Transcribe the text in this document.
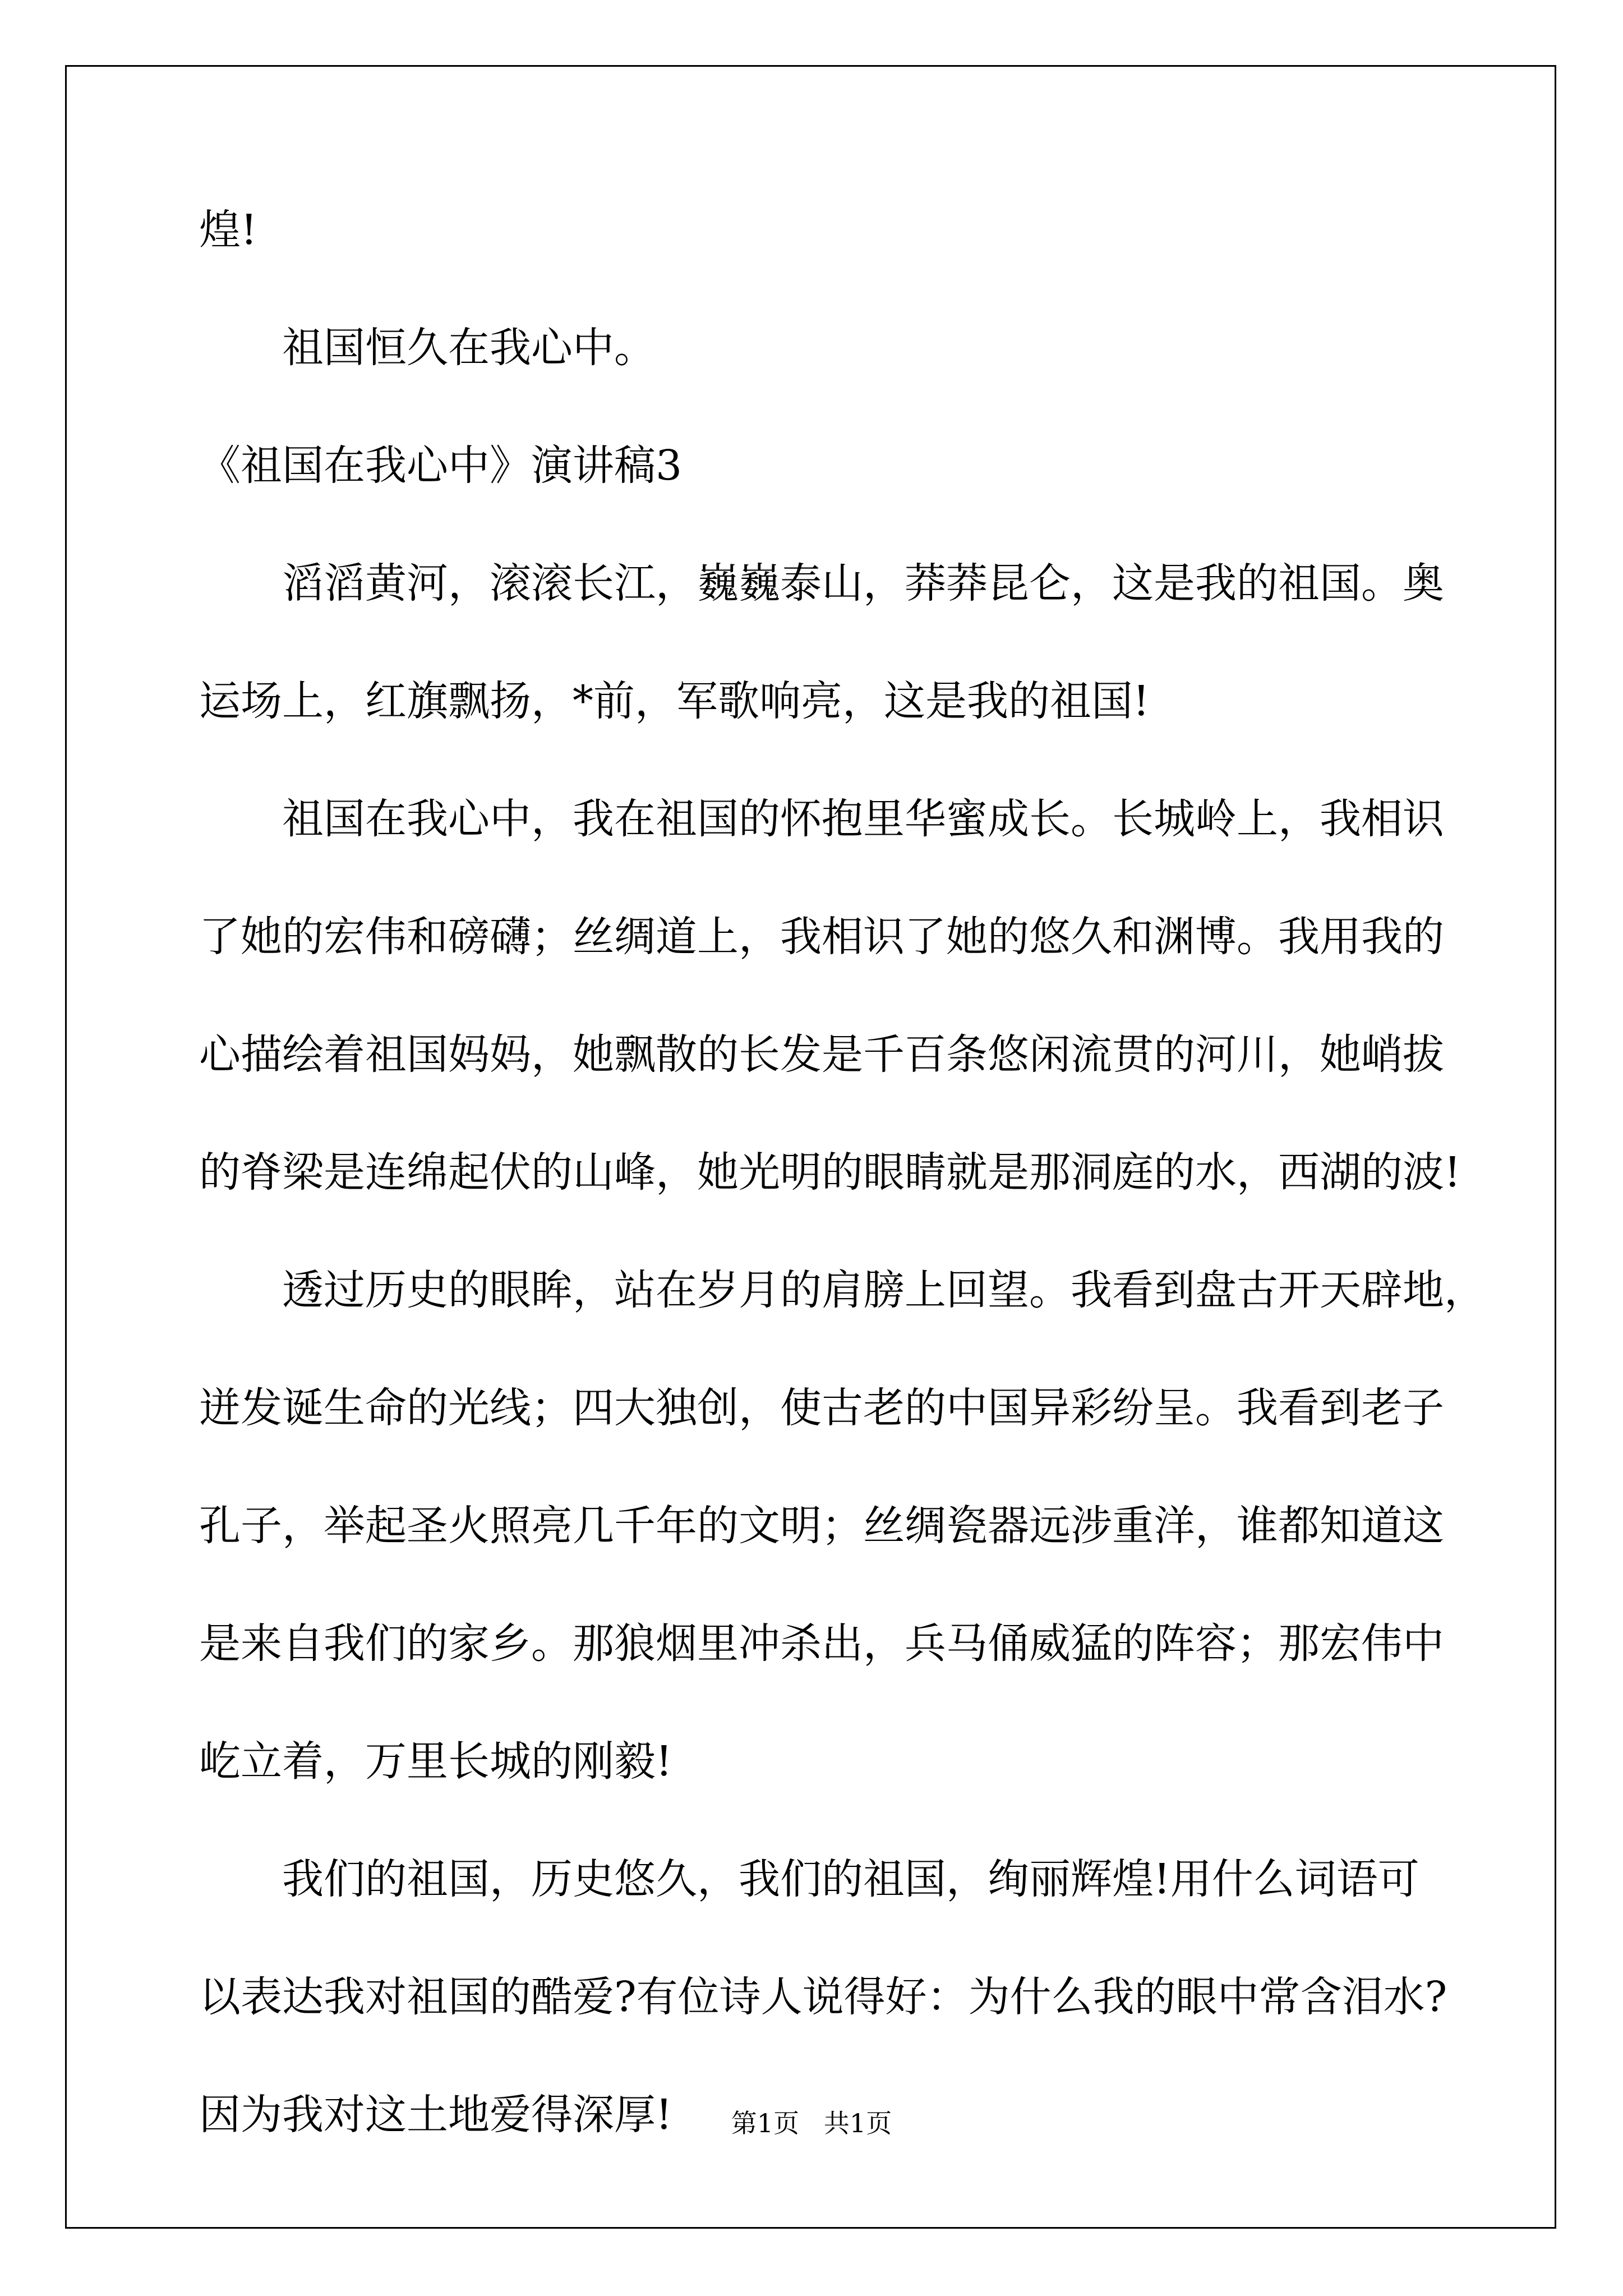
煌!
祖国恒久在我心中。
《祖国在我心中》演讲稿3
滔滔黄河，滚滚长江，巍巍泰山，莽莽昆仑，这是我的祖国。奥
运场上，红旗飘扬，*前，军歌响亮，这是我的祖国!
祖国在我心中，我在祖国的怀抱里华蜜成长。长城岭上，我相识
了她的宏伟和磅礴；丝绸道上，我相识了她的悠久和渊博。我用我的
心描绘着祖国妈妈，她飘散的长发是千百条悠闲流贯的河川，她峭拔
的脊梁是连绵起伏的山峰，她光明的眼睛就是那洞庭的水，西湖的波!
透过历史的眼眸，站在岁月的肩膀上回望。我看到盘古开天辟地，
迸发诞生命的光线；四大独创，使古老的中国异彩纷呈。我看到老子
孔子，举起圣火照亮几千年的文明；丝绸瓷器远涉重洋，谁都知道这
是来自我们的家乡。那狼烟里冲杀出，兵马俑威猛的阵容；那宏伟中
屹立着，万里长城的刚毅!
我们的祖国，历史悠久，我们的祖国，绚丽辉煌!用什么词语可
以表达我对祖国的酷爱?有位诗人说得好：为什么我的眼中常含泪水?
因为我对这土地爱得深厚!	第1页   共1页
